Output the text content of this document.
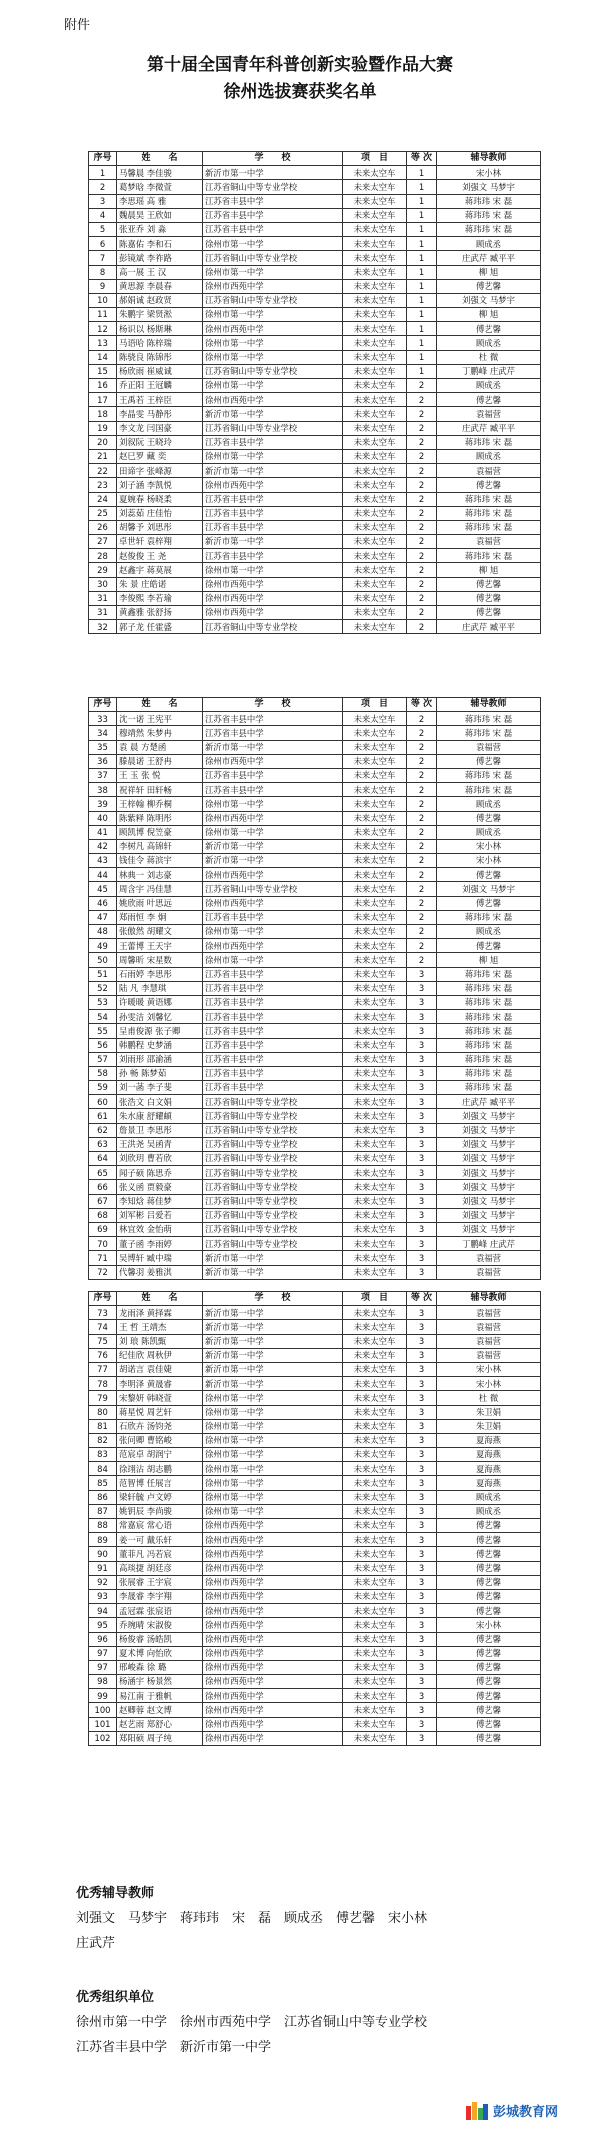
附件
第十届全国青年科普创新实验暨作品大赛
徐州选拔赛获奖名单
序号	姓　　名	学　　校	项　目	等 次	辅导教师
1	马馨晨 李佳骏	新沂市第一中学	未来太空车	1	宋小林
2	葛梦晗 李微萱	江苏省铜山中等专业学校	未来太空车	1	刘强文 马梦宇
3	李思瑶 高 雅	江苏省丰县中学	未来太空车	1	蒋玮玮 宋 磊
4	魏晨昊 王欣如	江苏省丰县中学	未来太空车	1	蒋玮玮 宋 磊
5	张亚乔 刘 淼	江苏省丰县中学	未来太空车	1	蒋玮玮 宋 磊
6	陈嘉佑 李和石	徐州市第一中学	未来太空车	1	顾成丞
7	彭镜斌 李祚路	江苏省铜山中等专业学校	未来太空车	1	庄武芹 臧平平
8	高一展 王 汉	徐州市第一中学	未来太空车	1	柳 旭
9	黄思源 李晨春	徐州市西苑中学	未来太空车	1	傅艺馨
10	郝娟诚 赵政贤	江苏省铜山中等专业学校	未来太空车	1	刘强文 马梦宇
11	朱鹏宇 梁贤淞	徐州市第一中学	未来太空车	1	柳 旭
12	杨识以 杨斯琳	徐州市西苑中学	未来太空车	1	傅艺馨
13	马语哈 陈梓瑞	徐州市第一中学	未来太空车	1	顾成丞
14	陈骁良 陈锦彤	徐州市第一中学	未来太空车	1	杜 微
15	杨欣雨 崔威诚	江苏省铜山中等专业学校	未来太空车	1	丁鹏峰 庄武芹
16	乔正阳 王冠麟	徐州市第一中学	未来太空车	2	顾成丞
17	王禹若 王梓臣	徐州市西苑中学	未来太空车	2	傅艺馨
18	李晶雯 马静彤	新沂市第一中学	未来太空车	2	袁福营
19	李文龙 闫国豪	江苏省铜山中等专业学校	未来太空车	2	庄武芹 臧平平
20	刘叙阮 王晓玲	江苏省丰县中学	未来太空车	2	蒋玮玮 宋 磊
21	赵巳罗 藏 奕	徐州市第一中学	未来太空车	2	顾成丞
22	田谛字 张峰源	新沂市第一中学	未来太空车	2	袁福营
23	刘子涵 李凯悦	徐州市西苑中学	未来太空车	2	傅艺馨
24	夏婉春 杨晓柔	江苏省丰县中学	未来太空车	2	蒋玮玮 宋 磊
25	刘蕊茹 庄佳怡	江苏省丰县中学	未来太空车	2	蒋玮玮 宋 磊
26	胡馨予 刘思彤	江苏省丰县中学	未来太空车	2	蒋玮玮 宋 磊
27	卓世轩 袁梓翔	新沂市第一中学	未来太空车	2	袁福营
28	赵俊俊 王 尧	江苏省丰县中学	未来太空车	2	蒋玮玮 宋 磊
29	赵鑫宇 蒋莫展	徐州市第一中学	未来太空车	2	柳 旭
30	朱 景 庄皓诺	徐州市西苑中学	未来太空车	2	傅艺馨
31	李俊熙 李若瑜	徐州市西苑中学	未来太空车	2	傅艺馨
31	黄鑫雅 张舒扬	徐州市西苑中学	未来太空车	2	傅艺馨
32	郭子龙 任霍盛	江苏省铜山中等专业学校	未来太空车	2	庄武芹 臧平平
序号	姓　　名	学　　校	项　目	等 次	辅导教师
33	沈一诺 王宪平	江苏省丰县中学	未来太空车	2	蒋玮玮 宋 磊
34	穆靖然 朱梦冉	江苏省丰县中学	未来太空车	2	蒋玮玮 宋 磊
35	袁 晨 方楚函	新沂市第一中学	未来太空车	2	袁福营
36	滕晨诺 王舒冉	徐州市西苑中学	未来太空车	2	傅艺馨
37	王 玉 张 悦	江苏省丰县中学	未来太空车	2	蒋玮玮 宋 磊
38	祝祥轩 田轩畅	江苏省丰县中学	未来太空车	2	蒋玮玮 宋 磊
39	王梓翰 柳乔桐	徐州市第一中学	未来太空车	2	顾成丞
40	陈紫释 陈明彤	徐州市西苑中学	未来太空车	2	傅艺馨
41	顾凯博 倪笠豪	徐州市第一中学	未来太空车	2	顾成丞
42	李树凡 高锦轩	新沂市第一中学	未来太空车	2	宋小林
43	钱佳令 蒋滨宇	新沂市第一中学	未来太空车	2	宋小林
44	林典一 刘志豪	徐州市西苑中学	未来太空车	2	傅艺馨
45	周含宇 冯佳慧	江苏省铜山中等专业学校	未来太空车	2	刘强文 马梦宇
46	姚欣雨 叶思远	徐州市西苑中学	未来太空车	2	傅艺馨
47	郑雨恒 李 炯	江苏省丰县中学	未来太空车	2	蒋玮玮 宋 磊
48	张傲然 胡耀文	徐州市第一中学	未来太空车	2	顾成丞
49	王蕾博 王天宇	徐州市西苑中学	未来太空车	2	傅艺馨
50	周馨昕 宋星数	徐州市第一中学	未来太空车	2	柳 旭
51	石雨婷 李思彤	江苏省丰县中学	未来太空车	3	蒋玮玮 宋 磊
52	陆 凡 李慧琪	江苏省丰县中学	未来太空车	3	蒋玮玮 宋 磊
53	许暖暖 黄语娜	江苏省丰县中学	未来太空车	3	蒋玮玮 宋 磊
54	孙雯洁 刘馨忆	江苏省丰县中学	未来太空车	3	蒋玮玮 宋 磊
55	呈甫俊源 张子卿	江苏省丰县中学	未来太空车	3	蒋玮玮 宋 磊
56	韩鹏程 史梦涵	江苏省丰县中学	未来太空车	3	蒋玮玮 宋 磊
57	刘雨形 邵渝涵	江苏省丰县中学	未来太空车	3	蒋玮玮 宋 磊
58	孙 畅 陈梦茹	江苏省丰县中学	未来太空车	3	蒋玮玮 宋 磊
59	刘一菡 李子斐	江苏省丰县中学	未来太空车	3	蒋玮玮 宋 磊
60	张浩文 白文娟	江苏省铜山中等专业学校	未来太空车	3	庄武芹 臧平平
61	朱水康 舒耀頔	江苏省铜山中等专业学校	未来太空车	3	刘强文 马梦宇
62	詹景卫 李思彤	江苏省铜山中等专业学校	未来太空车	3	刘强文 马梦宇
63	王洪尧 吴函青	江苏省铜山中等专业学校	未来太空车	3	刘强文 马梦宇
64	刘欣玥 曹若欣	江苏省铜山中等专业学校	未来太空车	3	刘强文 马梦宇
65	闻子硕 陈思乔	江苏省铜山中等专业学校	未来太空车	3	刘强文 马梦宇
66	张义函 贾毅豪	江苏省铜山中等专业学校	未来太空车	3	刘强文 马梦宇
67	李知焓 蒋佳梦	江苏省铜山中等专业学校	未来太空车	3	刘强文 马梦宇
68	刘军彬 吕爱若	江苏省铜山中等专业学校	未来太空车	3	刘强文 马梦宇
69	林宜效 金怡萌	江苏省铜山中等专业学校	未来太空车	3	刘强文 马梦宇
70	董子函 李雨婷	江苏省铜山中等专业学校	未来太空车	3	丁鹏峰 庄武芹
71	吴博轩 臧中瑞	新沂市第一中学	未来太空车	3	袁福营
72	代馨羽 姜雅淇	新沂市第一中学	未来太空车	3	袁福营
序号	姓　　名	学　　校	项　目	等 次	辅导教师
73	龙雨泽 黄择霖	新沂市第一中学	未来太空车	3	袁福营
74	王 哲 王靖杰	新沂市第一中学	未来太空车	3	袁福营
75	刘 琅 陈凯甄	新沂市第一中学	未来太空车	3	袁福营
76	纪佳欣 周秋伊	新沂市第一中学	未来太空车	3	袁福营
77	胡诺言 袁佳婕	新沂市第一中学	未来太空车	3	宋小林
78	李明泽 黄晟睿	新沂市第一中学	未来太空车	3	宋小林
79	宋黎妍 韩晓萱	徐州市第一中学	未来太空车	3	杜 微
80	蒋星悦 周艺轩	徐州市第一中学	未来太空车	3	朱卫娟
81	石欣卉 汤钧尧	徐州市第一中学	未来太空车	3	朱卫娟
82	张问卿 曹铭峻	徐州市第一中学	未来太空车	3	夏海燕
83	范宸卓 胡润宁	徐州市第一中学	未来太空车	3	夏海燕
84	徐翊沾 胡志鹏	徐州市第一中学	未来太空车	3	夏海燕
85	范智博 任展言	徐州市第一中学	未来太空车	3	夏海燕
86	梁轩毓 卢文婷	徐州市第一中学	未来太空车	3	顾成丞
87	姚钥辰 李尚骏	徐州市第一中学	未来太空车	3	顾成丞
88	常嘉宸 常心语	徐州市西苑中学	未来太空车	3	傅艺馨
89	姜一可 戴乐轩	徐州市西苑中学	未来太空车	3	傅艺馨
90	董菲凡 冯若宸	徐州市西苑中学	未来太空车	3	傅艺馨
91	高琰捷 胡廷彦	徐州市西苑中学	未来太空车	3	傅艺馨
92	张展睿 王宇宸	徐州市西苑中学	未来太空车	3	傅艺馨
93	李晟睿 李宇翔	徐州市西苑中学	未来太空车	3	傅艺馨
94	孟冠霖 张宸语	徐州市西苑中学	未来太空车	3	傅艺馨
95	乔琬晴 宋淑俊	徐州市西苑中学	未来太空车	3	宋小林
96	杨俊睿 汤皓凯	徐州市西苑中学	未来太空车	3	傅艺馨
97	夏术博 向怡欣	徐州市西苑中学	未来太空车	3	傅艺馨
97	邢峻森 徐 璐	徐州市西苑中学	未来太空车	3	傅艺馨
98	杨涵宇 杨景然	徐州市西苑中学	未来太空车	3	傅艺馨
99	易江南 于雅帆	徐州市西苑中学	未来太空车	3	傅艺馨
100	赵卿蓉 赵文博	徐州市西苑中学	未来太空车	3	傅艺馨
101	赵艺雨 郑舒心	徐州市西苑中学	未来太空车	3	傅艺馨
102	郑阳硕 周子纯	徐州市西苑中学	未来太空车	3	傅艺馨
优秀辅导教师
刘强文　马梦宇　蒋玮玮　宋　磊　顾成丞　傅艺馨　宋小林
庄武芹
优秀组织单位
徐州市第一中学　徐州市西苑中学　江苏省铜山中等专业学校
江苏省丰县中学　新沂市第一中学
彭城教育网
